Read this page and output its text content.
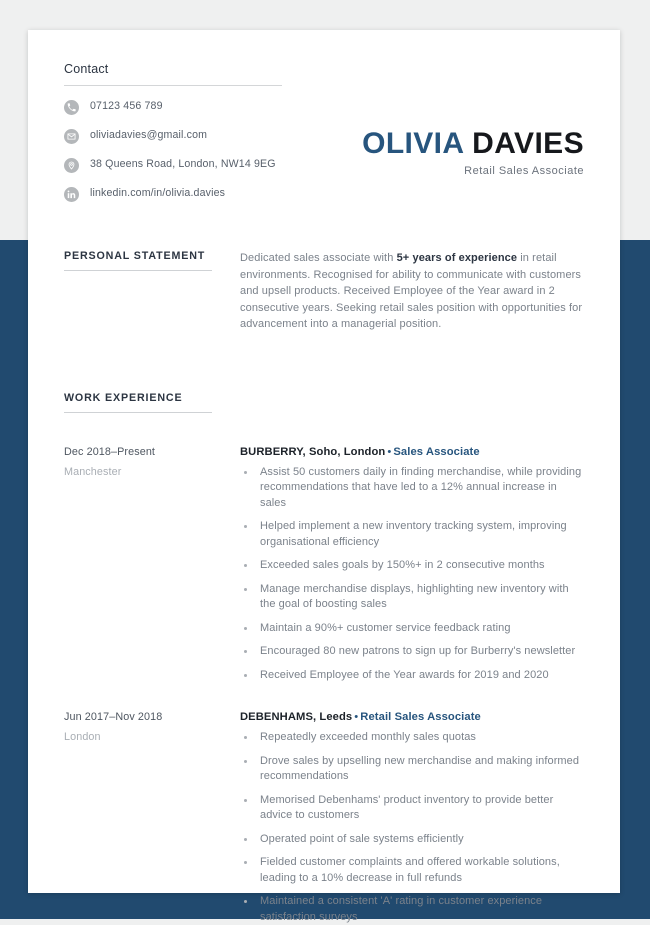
Contact
07123 456 789
oliviadavies@gmail.com
38 Queens Road, London, NW14 9EG
linkedin.com/in/olivia.davies
OLIVIA DAVIES
Retail Sales Associate
PERSONAL STATEMENT	Dedicated sales associate with 5+ years of experience in retail environments. Recognised for ability to communicate with customers and upsell products. Received Employee of the Year award in 2 consecutive years. Seeking retail sales position with opportunities for advancement into a managerial position.

WORK EXPERIENCE
Dec 2018–Present
Manchester
BURBERRY, Soho, London • Sales Associate
Assist 50 customers daily in finding merchandise, while providing recommendations that have led to a 12% annual increase in sales
Helped implement a new inventory tracking system, improving organisational efficiency
Exceeded sales goals by 150%+ in 2 consecutive months
Manage merchandise displays, highlighting new inventory with the goal of boosting sales
Maintain a 90%+ customer service feedback rating
Encouraged 80 new patrons to sign up for Burberry's newsletter
Received Employee of the Year awards for 2019 and 2020
Jun 2017–Nov 2018
London
DEBENHAMS, Leeds • Retail Sales Associate
Repeatedly exceeded monthly sales quotas
Drove sales by upselling new merchandise and making informed recommendations
Memorised Debenhams' product inventory to provide better advice to customers
Operated point of sale systems efficiently
Fielded customer complaints and offered workable solutions, leading to a 10% decrease in full refunds
Maintained a consistent 'A' rating in customer experience satisfaction surveys
